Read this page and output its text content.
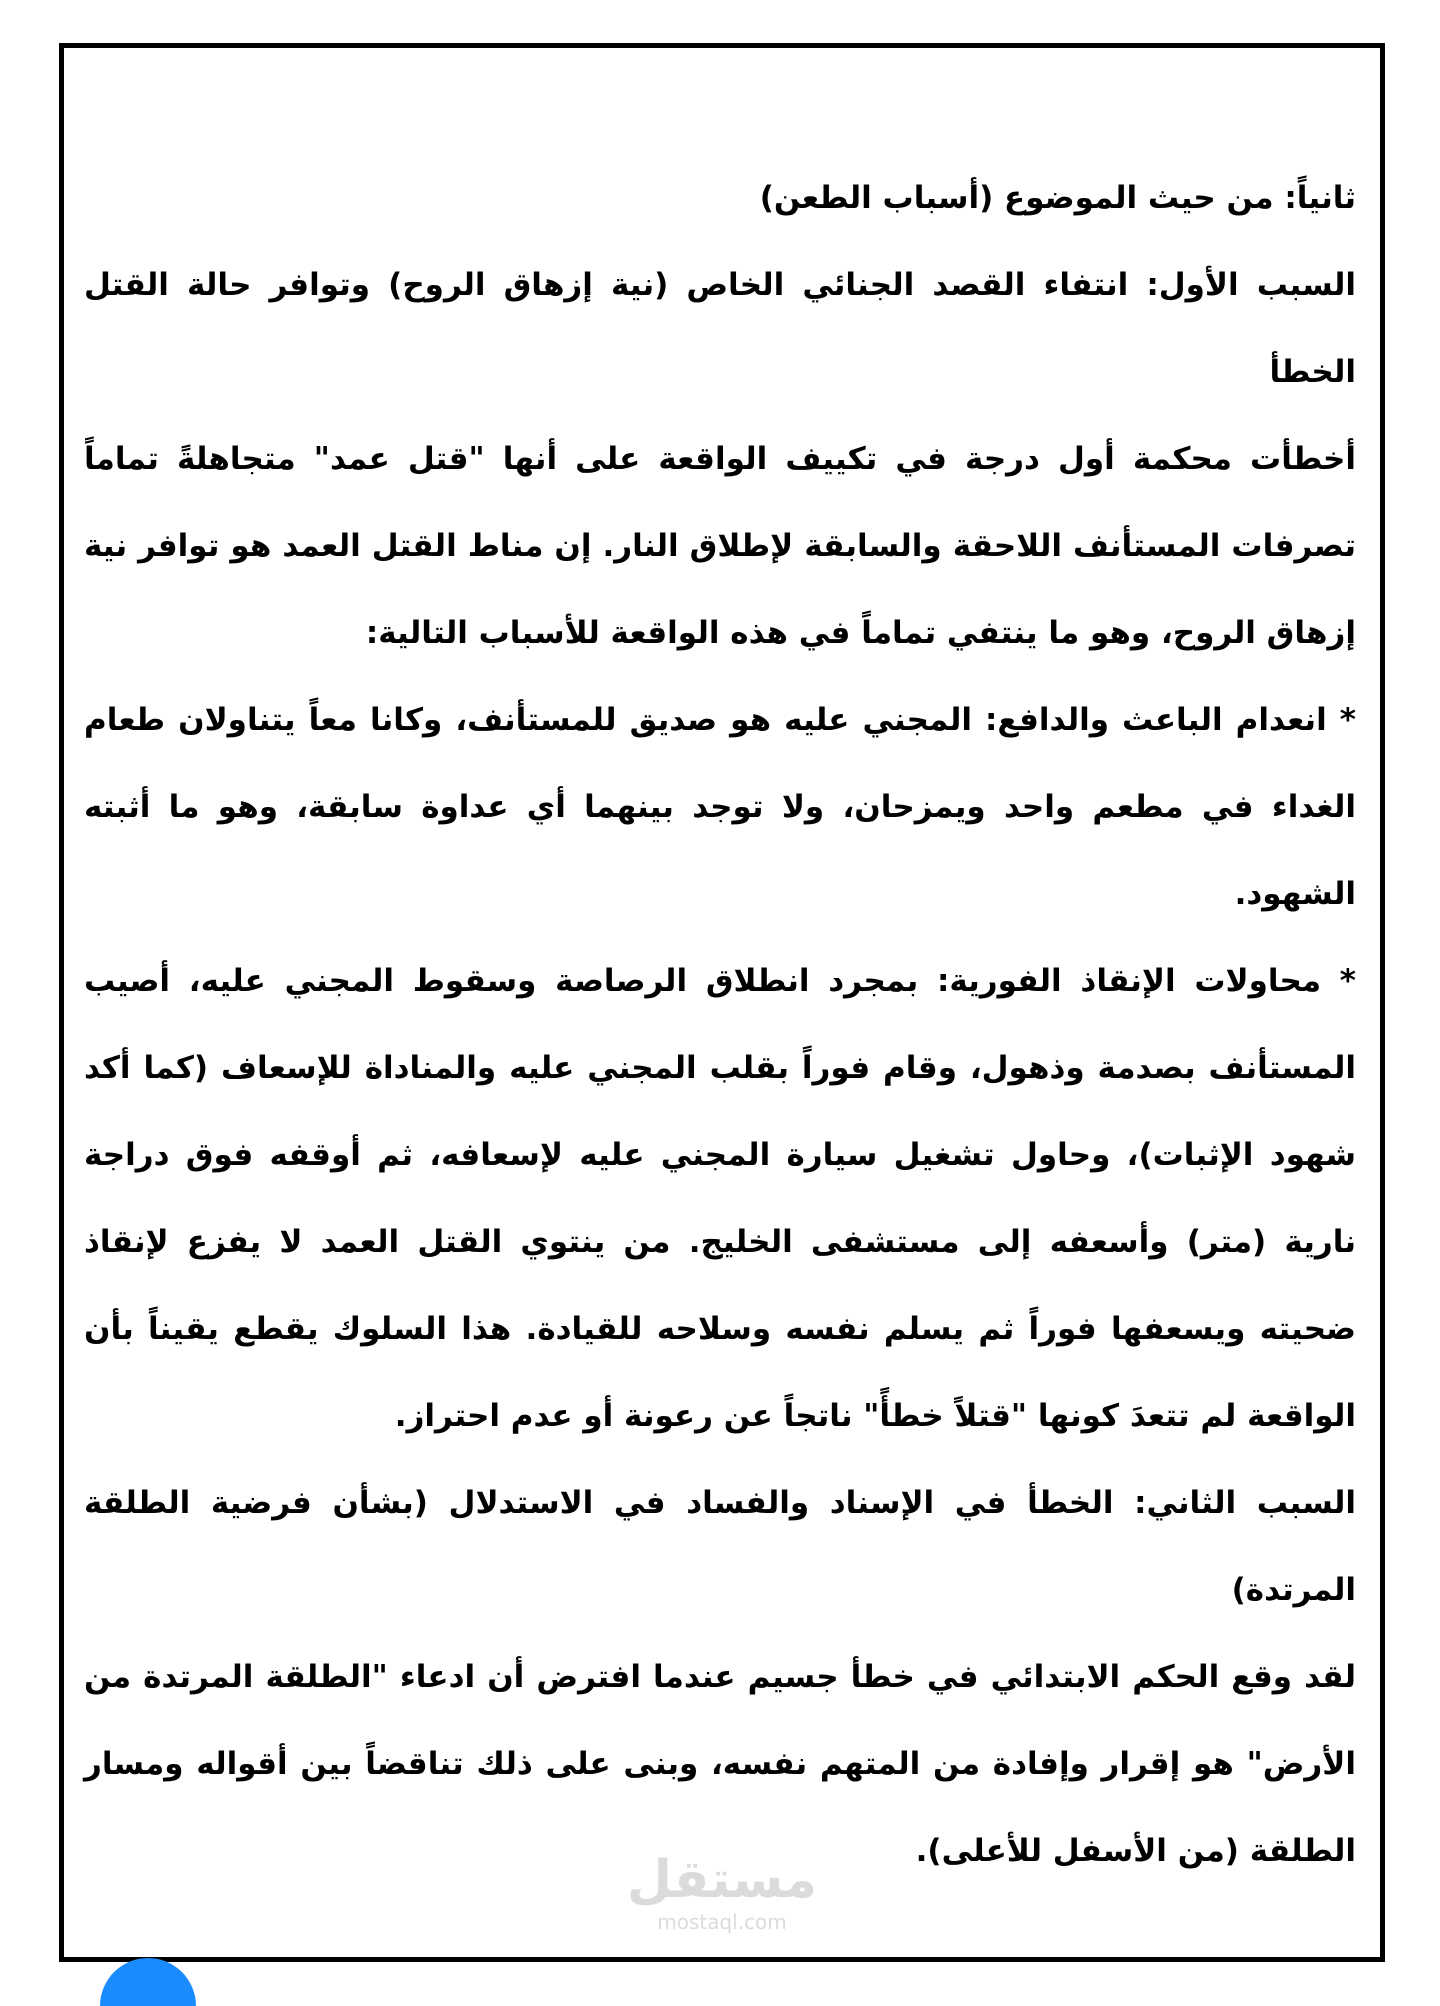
ثانياً: من حيث الموضوع (أسباب الطعن)

السبب الأول: انتفاء القصد الجنائي الخاص (نية إزهاق الروح) وتوافر حالة القتل الخطأ

أخطأت محكمة أول درجة في تكييف الواقعة على أنها "قتل عمد" متجاهلةً تماماً تصرفات المستأنف اللاحقة والسابقة لإطلاق النار. إن مناط القتل العمد هو توافر نية إزهاق الروح، وهو ما ينتفي تماماً في هذه الواقعة للأسباب التالية:

* انعدام الباعث والدافع: المجني عليه هو صديق للمستأنف، وكانا معاً يتناولان طعام الغداء في مطعم واحد ويمزحان، ولا توجد بينهما أي عداوة سابقة، وهو ما أثبته الشهود.

* محاولات الإنقاذ الفورية: بمجرد انطلاق الرصاصة وسقوط المجني عليه، أصيب المستأنف بصدمة وذهول، وقام فوراً بقلب المجني عليه والمناداة للإسعاف (كما أكد شهود الإثبات)، وحاول تشغيل سيارة المجني عليه لإسعافه، ثم أوقفه فوق دراجة نارية (متر) وأسعفه إلى مستشفى الخليج. من ينتوي القتل العمد لا يفزع لإنقاذ ضحيته ويسعفها فوراً ثم يسلم نفسه وسلاحه للقيادة. هذا السلوك يقطع يقيناً بأن الواقعة لم تتعدَ كونها "قتلاً خطأً" ناتجاً عن رعونة أو عدم احتراز.

السبب الثاني: الخطأ في الإسناد والفساد في الاستدلال (بشأن فرضية الطلقة المرتدة)

لقد وقع الحكم الابتدائي في خطأ جسيم عندما افترض أن ادعاء "الطلقة المرتدة من الأرض" هو إقرار وإفادة من المتهم نفسه، وبنى على ذلك تناقضاً بين أقواله ومسار الطلقة (من الأسفل للأعلى).

مستقل
mostaql.com
